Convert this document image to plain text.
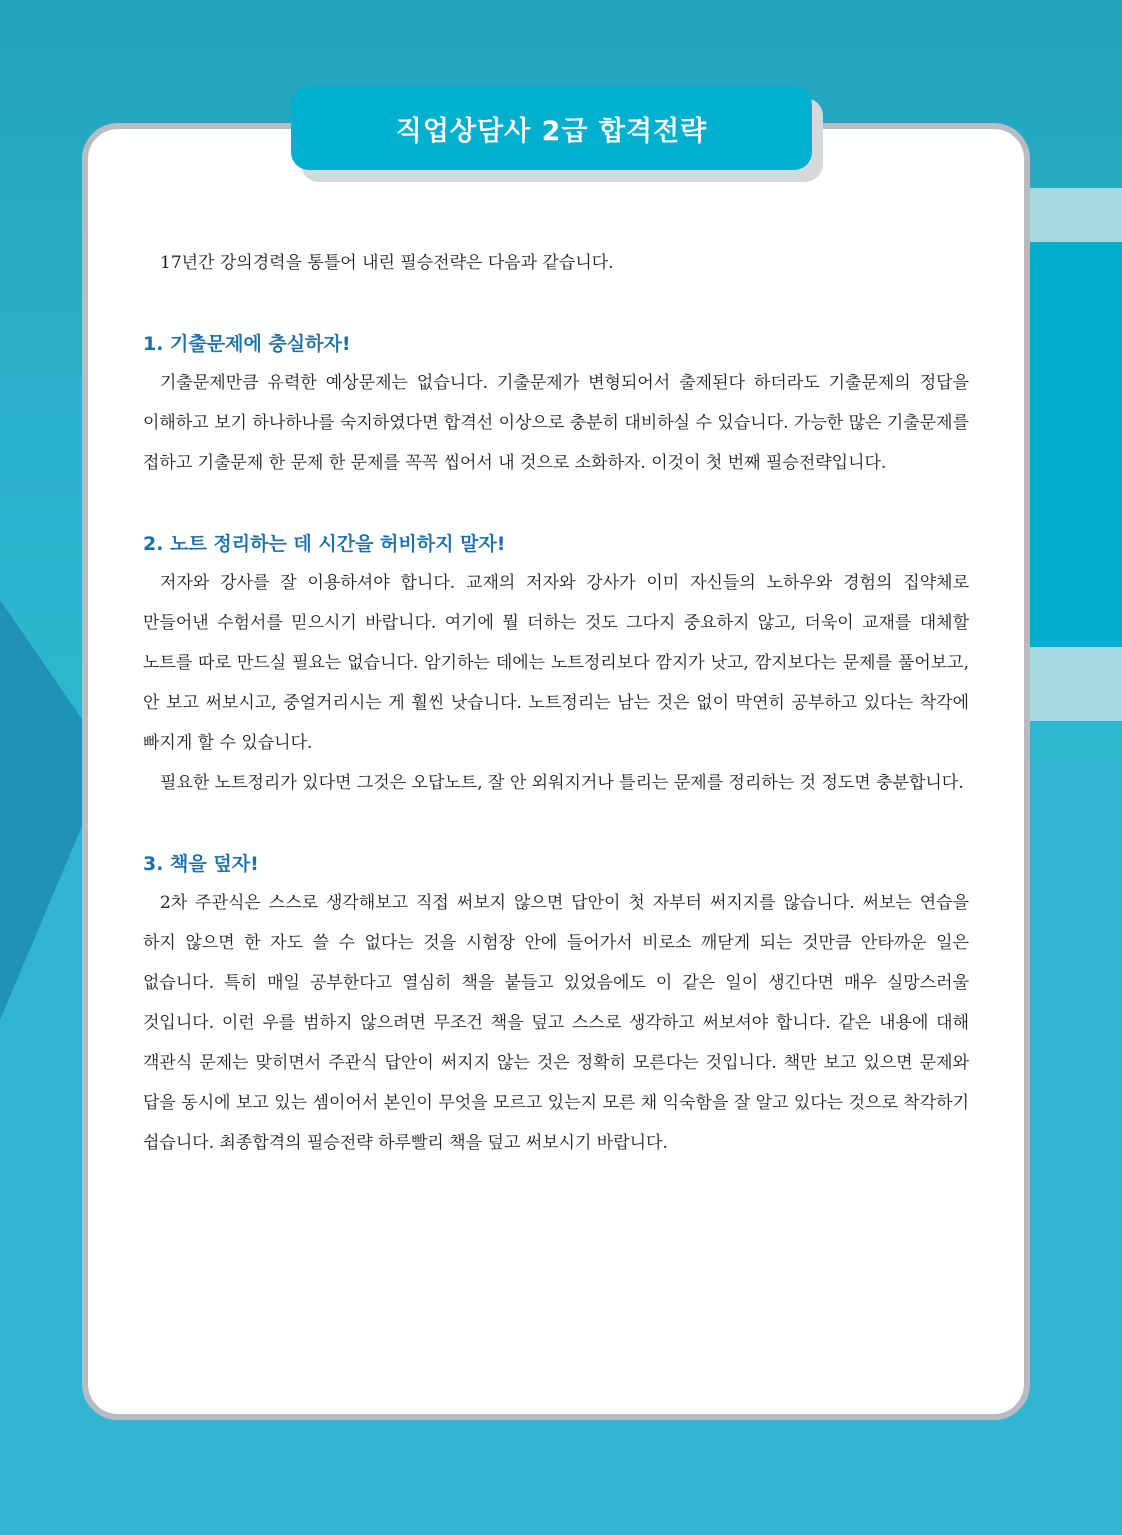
직업상담사 2급 합격전략

17년간 강의경력을 통틀어 내린 필승전략은 다음과 같습니다.

1. 기출문제에 충실하자!

기출문제만큼 유력한 예상문제는 없습니다. 기출문제가 변형되어서 출제된다 하더라도 기출문제의 정답을 이해하고 보기 하나하나를 숙지하였다면 합격선 이상으로 충분히 대비하실 수 있습니다. 가능한 많은 기출문제를 접하고 기출문제 한 문제 한 문제를 꼭꼭 씹어서 내 것으로 소화하자. 이것이 첫 번째 필승전략입니다.

2. 노트 정리하는 데 시간을 허비하지 말자!

저자와 강사를 잘 이용하셔야 합니다. 교재의 저자와 강사가 이미 자신들의 노하우와 경험의 집약체로 만들어낸 수험서를 믿으시기 바랍니다. 여기에 뭘 더하는 것도 그다지 중요하지 않고, 더욱이 교재를 대체할 노트를 따로 만드실 필요는 없습니다. 암기하는 데에는 노트정리보다 깜지가 낫고, 깜지보다는 문제를 풀어보고, 안 보고 써보시고, 중얼거리시는 게 훨씬 낫습니다. 노트정리는 남는 것은 없이 막연히 공부하고 있다는 착각에 빠지게 할 수 있습니다.

필요한 노트정리가 있다면 그것은 오답노트, 잘 안 외워지거나 틀리는 문제를 정리하는 것 정도면 충분합니다.

3. 책을 덮자!

2차 주관식은 스스로 생각해보고 직접 써보지 않으면 답안이 첫 자부터 써지지를 않습니다. 써보는 연습을 하지 않으면 한 자도 쓸 수 없다는 것을 시험장 안에 들어가서 비로소 깨닫게 되는 것만큼 안타까운 일은 없습니다. 특히 매일 공부한다고 열심히 책을 붙들고 있었음에도 이 같은 일이 생긴다면 매우 실망스러울 것입니다. 이런 우를 범하지 않으려면 무조건 책을 덮고 스스로 생각하고 써보셔야 합니다. 같은 내용에 대해 객관식 문제는 맞히면서 주관식 답안이 써지지 않는 것은 정확히 모른다는 것입니다. 책만 보고 있으면 문제와 답을 동시에 보고 있는 셈이어서 본인이 무엇을 모르고 있는지 모른 채 익숙함을 잘 알고 있다는 것으로 착각하기 쉽습니다. 최종합격의 필승전략 하루빨리 책을 덮고 써보시기 바랍니다.
